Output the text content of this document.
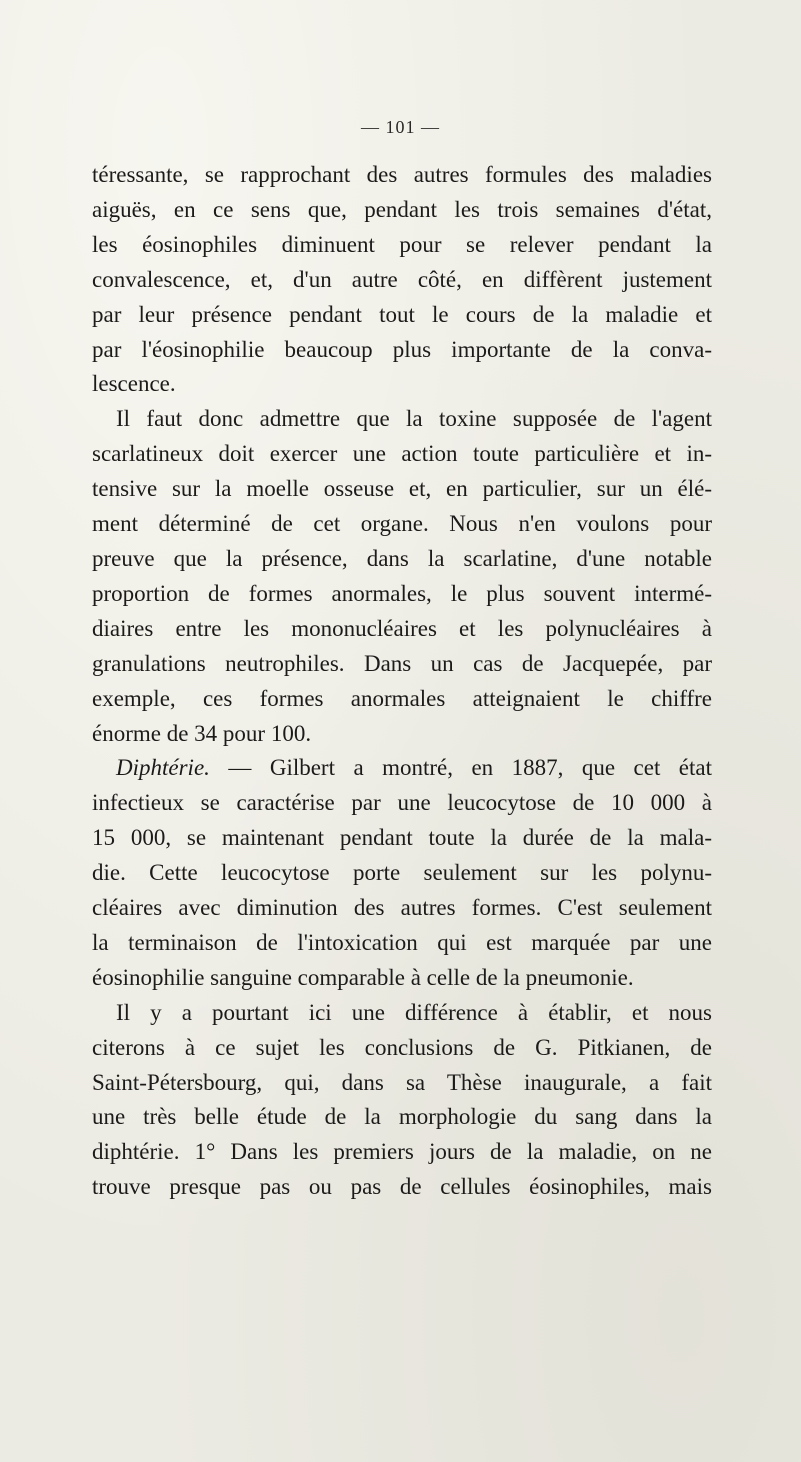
— 101 —
téressante, se rapprochant des autres formules des maladies
aiguës, en ce sens que, pendant les trois semaines d'état,
les éosinophiles diminuent pour se relever pendant la
convalescence, et, d'un autre côté, en diffèrent justement
par leur présence pendant tout le cours de la maladie et
par l'éosinophilie beaucoup plus importante de la conva-
lescence.
Il faut donc admettre que la toxine supposée de l'agent
scarlatineux doit exercer une action toute particulière et in-
tensive sur la moelle osseuse et, en particulier, sur un élé-
ment déterminé de cet organe. Nous n'en voulons pour
preuve que la présence, dans la scarlatine, d'une notable
proportion de formes anormales, le plus souvent intermé-
diaires entre les mononucléaires et les polynucléaires à
granulations neutrophiles. Dans un cas de Jacquepée, par
exemple, ces formes anormales atteignaient le chiffre
énorme de 34 pour 100.
Diphtérie. — Gilbert a montré, en 1887, que cet état
infectieux se caractérise par une leucocytose de 10 000 à
15 000, se maintenant pendant toute la durée de la mala-
die. Cette leucocytose porte seulement sur les polynu-
cléaires avec diminution des autres formes. C'est seulement
la terminaison de l'intoxication qui est marquée par une
éosinophilie sanguine comparable à celle de la pneumonie.
Il y a pourtant ici une différence à établir, et nous
citerons à ce sujet les conclusions de G. Pitkianen, de
Saint-Pétersbourg, qui, dans sa Thèse inaugurale, a fait
une très belle étude de la morphologie du sang dans la
diphtérie. 1° Dans les premiers jours de la maladie, on ne
trouve presque pas ou pas de cellules éosinophiles, mais
